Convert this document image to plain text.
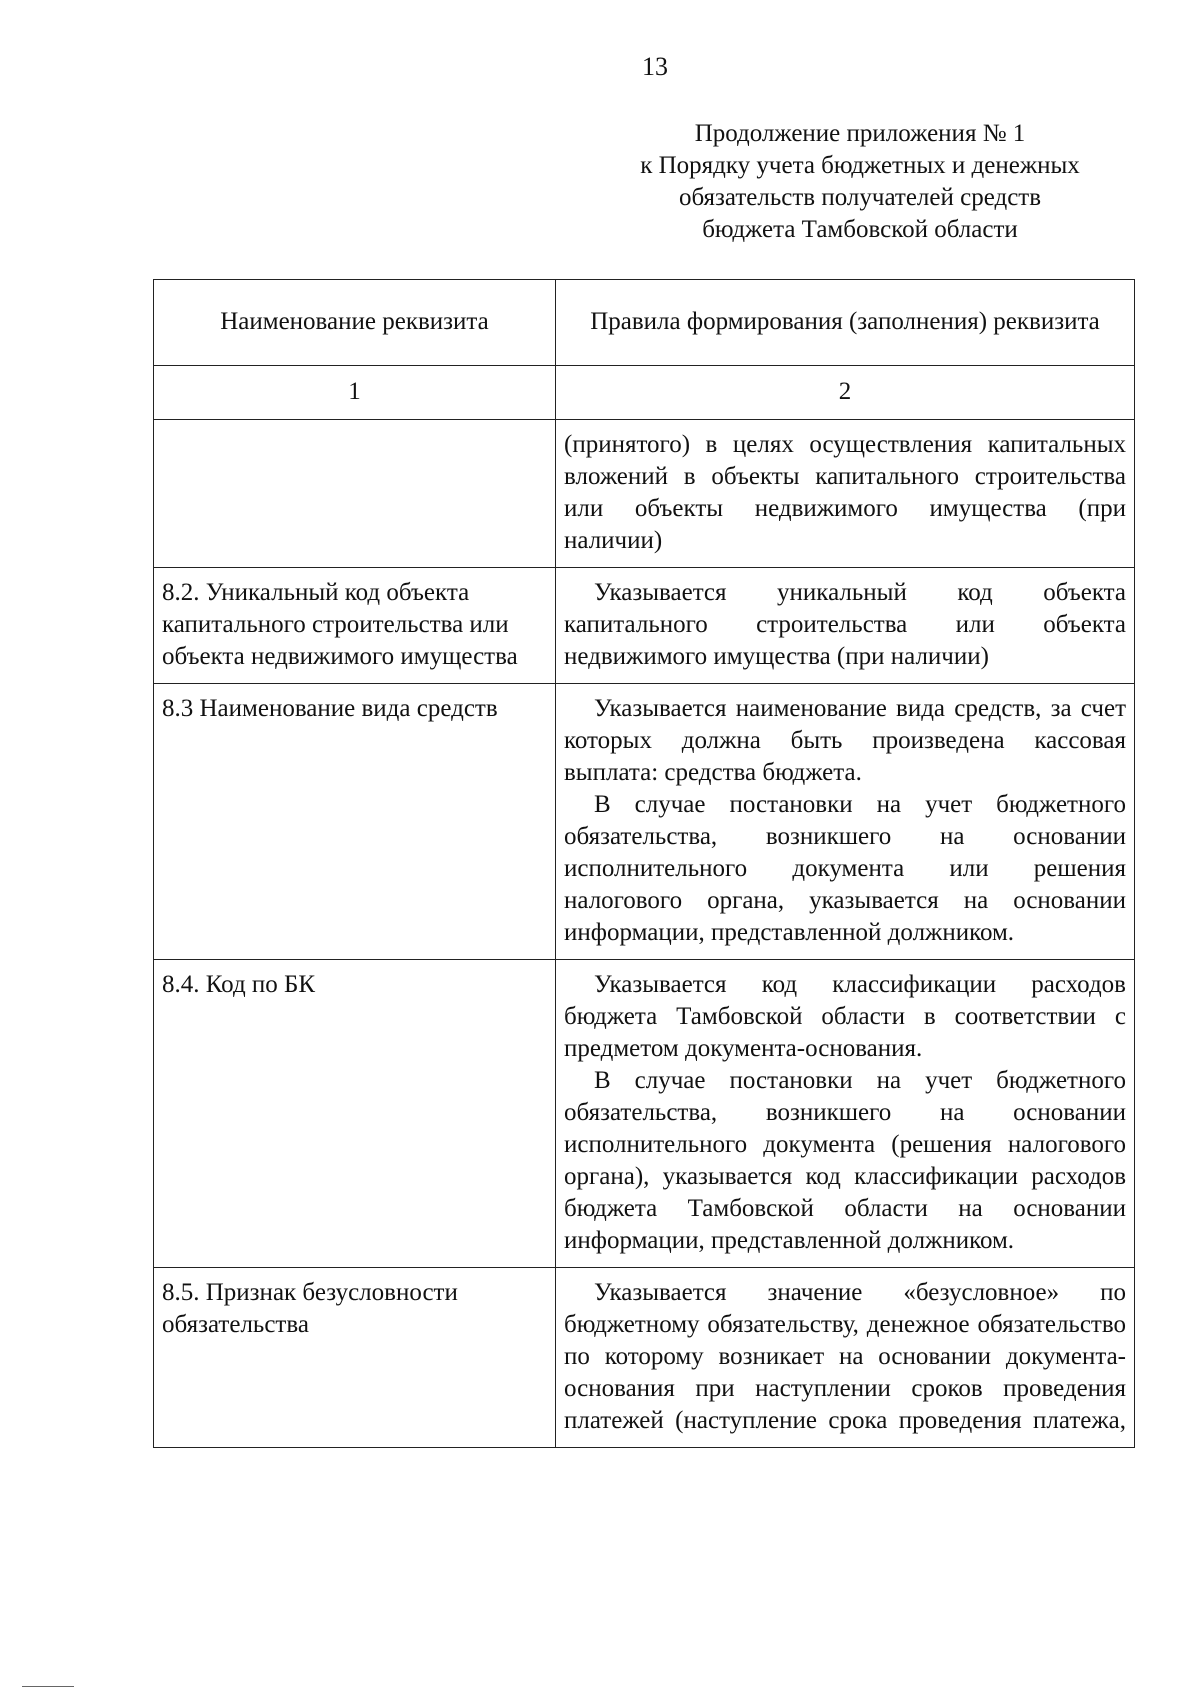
13
Продолжение приложения № 1
к Порядку учета бюджетных и денежных
обязательств получателей средств
бюджета Тамбовской области
Наименование реквизита	Правила формирования (заполнения) реквизита
1	2

	(принятого) в целях осуществления капитальных вложений в объекты капитального строительства или объекты недвижимого имущества (при наличии)

8.2. Уникальный код объекта капитального строительства или объекта недвижимого имущества	Указывается уникальный код объекта капитального строительства или объекта недвижимого имущества (при наличии)

8.3 Наименование вида средств	Указывается наименование вида средств, за счет которых должна быть произведена кассовая выплата: средства бюджета.
В случае постановки на учет бюджетного обязательства, возникшего на основании исполнительного документа или решения налогового органа, указывается на основании информации, представленной должником.

8.4. Код по БК	Указывается код классификации расходов бюджета Тамбовской области в соответствии с предметом документа-основания.
В случае постановки на учет бюджетного обязательства, возникшего на основании исполнительного документа (решения налогового органа), указывается код классификации расходов бюджета Тамбовской области на основании информации, представленной должником.

8.5. Признак безусловности обязательства	Указывается значение «безусловное» по бюджетному обязательству, денежное обязательство по которому возникает на основании документа-основания при наступлении сроков проведения платежей (наступление срока проведения платежа,
